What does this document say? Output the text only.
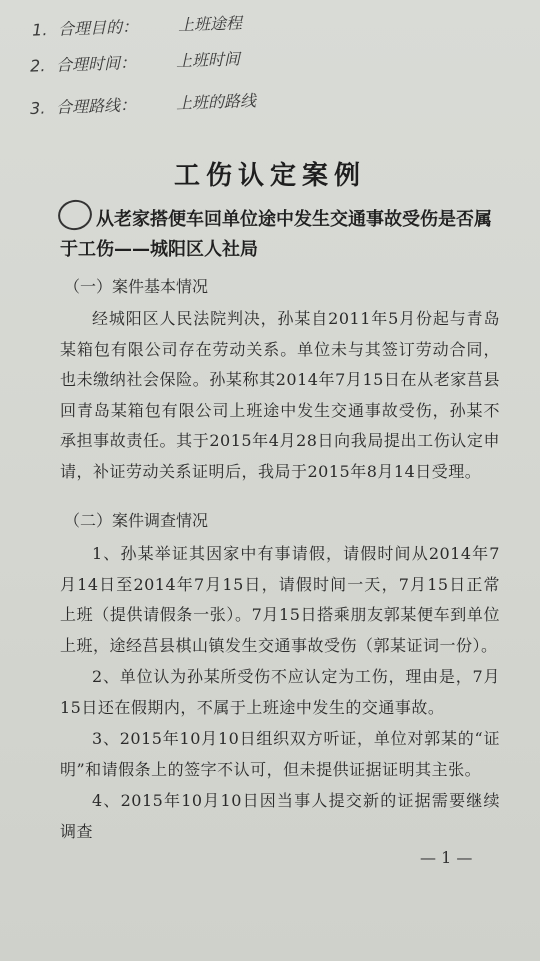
1. 合理目的： 上班途程
2. 合理时间： 上班时间
3. 合理路线： 上班的路线
工伤认定案例
从老家搭便车回单位途中发生交通事故受伤是否属于工伤——城阳区人社局
（一）案件基本情况
经城阳区人民法院判决，孙某自2011年5月份起与青岛某箱包有限公司存在劳动关系。单位未与其签订劳动合同，也未缴纳社会保险。孙某称其2014年7月15日在从老家莒县回青岛某箱包有限公司上班途中发生交通事故受伤，孙某不承担事故责任。其于2015年4月28日向我局提出工伤认定申请，补证劳动关系证明后，我局于2015年8月14日受理。
（二）案件调查情况
1、孙某举证其因家中有事请假，请假时间从2014年7月14日至2014年7月15日，请假时间一天，7月15日正常上班（提供请假条一张）。7月15日搭乘朋友郭某便车到单位上班，途经莒县棋山镇发生交通事故受伤（郭某证词一份）。
2、单位认为孙某所受伤不应认定为工伤，理由是，7月15日还在假期内，不属于上班途中发生的交通事故。
3、2015年10月10日组织双方听证，单位对郭某的“证明”和请假条上的签字不认可，但未提供证据证明其主张。
4、2015年10月10日因当事人提交新的证据需要继续调查
— 1 —
